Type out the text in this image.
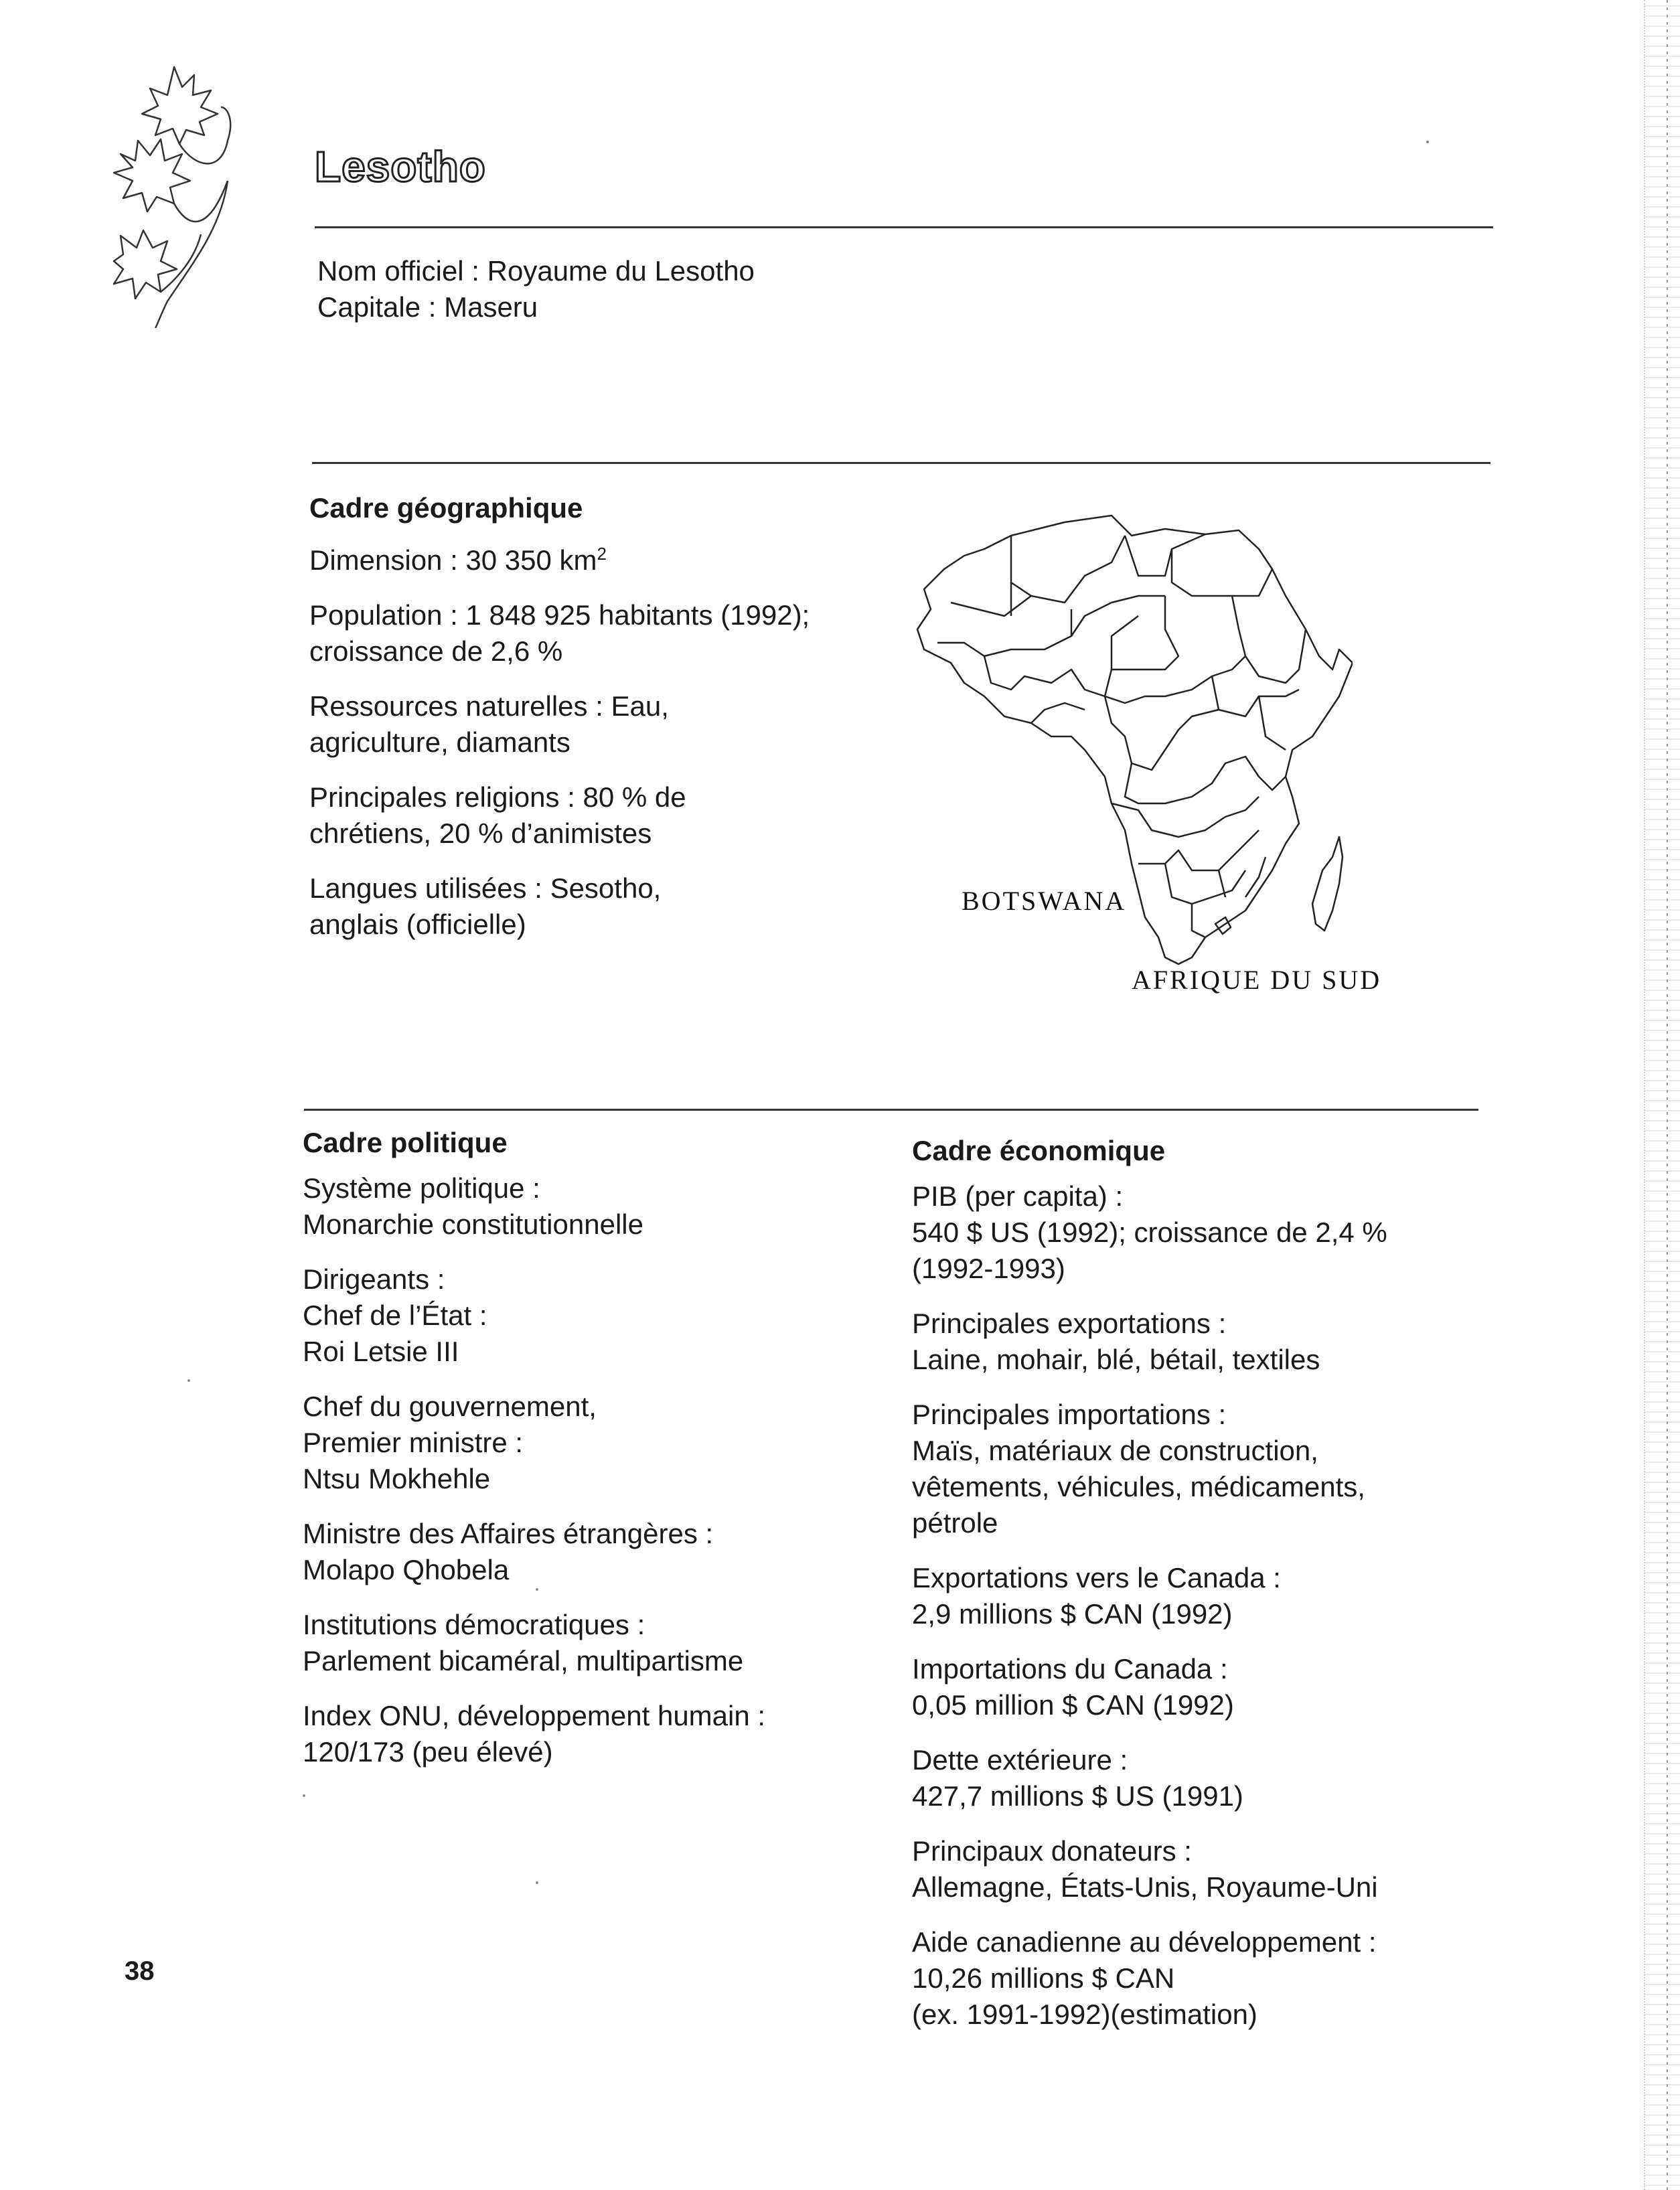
Lesotho
Nom officiel : Royaume du Lesotho
Capitale : Maseru
Cadre géographique
Dimension : 30 350 $km^2$
Population : 1 848 925 habitants (1992);
croissance de 2,6 %
Ressources naturelles : Eau,
agriculture, diamants
Principales religions : 80 % de
chrétiens, 20 % d’animistes
Langues utilisées : Sesotho,
anglais (officielle)
BOTSWANA
AFRIQUE DU SUD
Cadre politique
Système politique :
Monarchie constitutionnelle
Dirigeants :
Chef de l’État :
Roi Letsie III
Chef du gouvernement,
Premier ministre :
Ntsu Mokhehle
Ministre des Affaires étrangères :
Molapo Qhobela
Institutions démocratiques :
Parlement bicaméral, multipartisme
Index ONU, développement humain :
120/173 (peu élevé)
Cadre économique
PIB (per capita) :
540 $ US (1992); croissance de 2,4 %
(1992-1993)
Principales exportations :
Laine, mohair, blé, bétail, textiles
Principales importations :
Maïs, matériaux de construction,
vêtements, véhicules, médicaments,
pétrole
Exportations vers le Canada :
2,9 millions $ CAN (1992)
Importations du Canada :
0,05 million $ CAN (1992)
Dette extérieure :
427,7 millions $ US (1991)
Principaux donateurs :
Allemagne, États-Unis, Royaume-Uni
Aide canadienne au développement :
10,26 millions $ CAN
(ex. 1991-1992)(estimation)
38
